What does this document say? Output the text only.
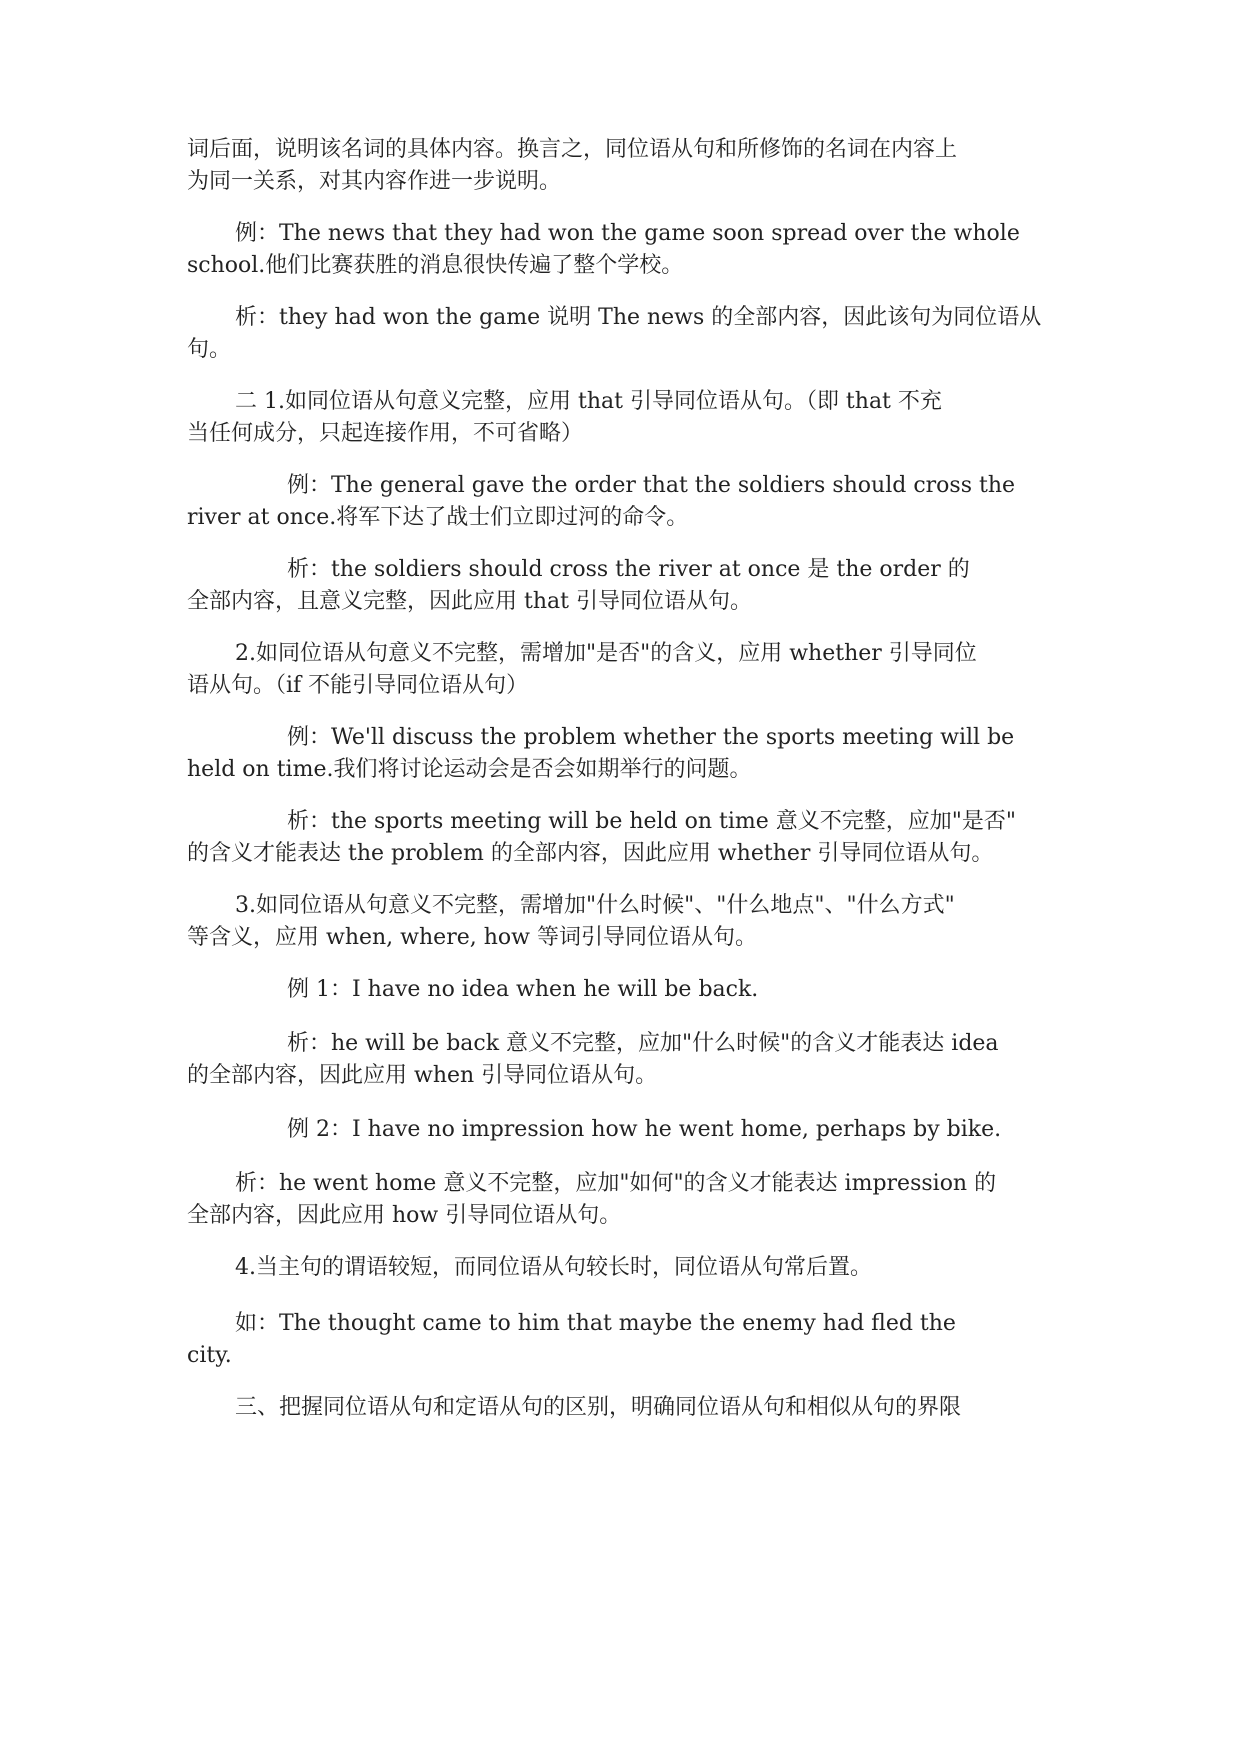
词后面，说明该名词的具体内容。换言之，同位语从句和所修饰的名词在内容上
为同一关系，对其内容作进一步说明。

例：The news that they had won the game soon spread over the whole
school.他们比赛获胜的消息很快传遍了整个学校。

析：they had won the game 说明 The news 的全部内容，因此该句为同位语从
句。

二 1.如同位语从句意义完整，应用 that 引导同位语从句。（即 that 不充
当任何成分，只起连接作用，不可省略）

例：The general gave the order that the soldiers should cross the
river at once.将军下达了战士们立即过河的命令。

析：the soldiers should cross the river at once 是 the order 的
全部内容，且意义完整，因此应用 that 引导同位语从句。

2.如同位语从句意义不完整，需增加"是否"的含义，应用 whether 引导同位
语从句。（if 不能引导同位语从句）

例：We'll discuss the problem whether the sports meeting will be
held on time.我们将讨论运动会是否会如期举行的问题。

析：the sports meeting will be held on time 意义不完整，应加"是否"
的含义才能表达 the problem 的全部内容，因此应用 whether 引导同位语从句。

3.如同位语从句意义不完整，需增加"什么时候"、"什么地点"、"什么方式"
等含义，应用 when, where, how 等词引导同位语从句。

例 1：I have no idea when he will be back.

析：he will be back 意义不完整，应加"什么时候"的含义才能表达 idea
的全部内容，因此应用 when 引导同位语从句。

例 2：I have no impression how he went home, perhaps by bike.

析：he went home 意义不完整，应加"如何"的含义才能表达 impression 的
全部内容，因此应用 how 引导同位语从句。

4.当主句的谓语较短，而同位语从句较长时，同位语从句常后置。

如：The thought came to him that maybe the enemy had fled the
city.

三、把握同位语从句和定语从句的区别，明确同位语从句和相似从句的界限
